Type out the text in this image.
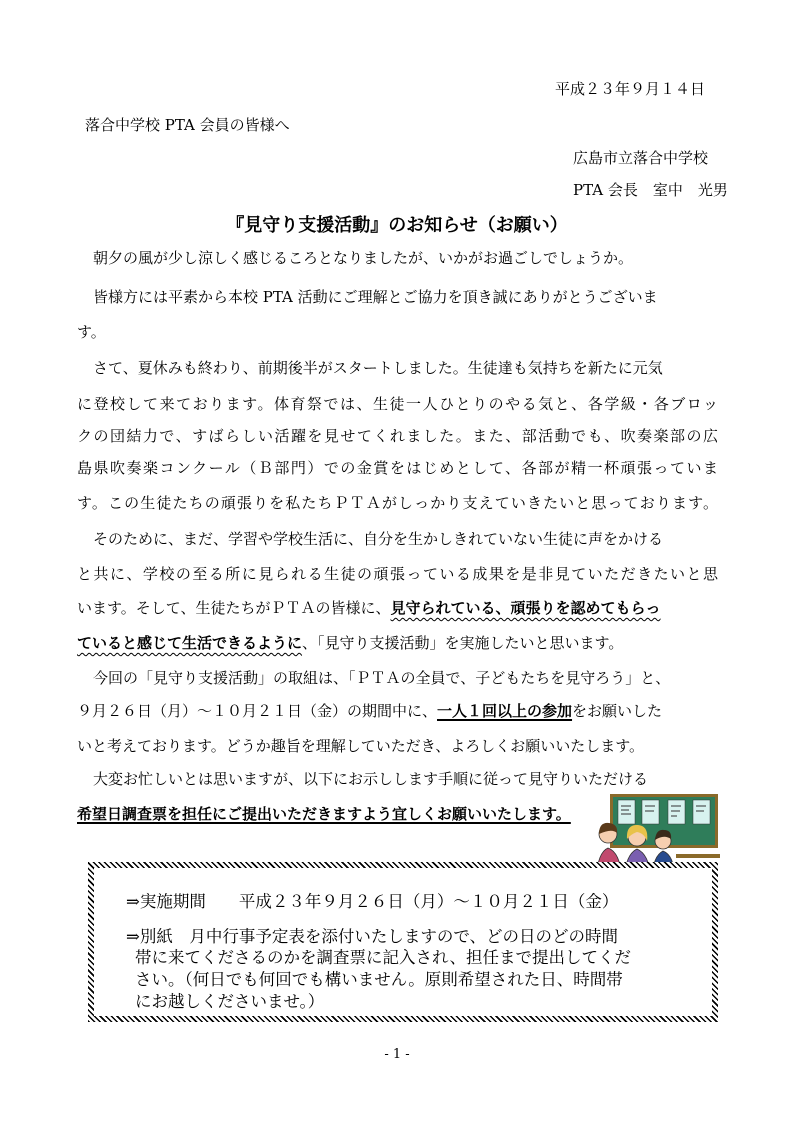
平成２３年９月１４日
落合中学校 PTA 会員の皆様へ
広島市立落合中学校
PTA 会長　室中　光男
『見守り支援活動』のお知らせ（お願い）
朝夕の風が少し涼しく感じるころとなりましたが、いかがお過ごしでしょうか。
皆様方には平素から本校 PTA 活動にご理解とご協力を頂き誠にありがとうございま
す。
さて、夏休みも終わり、前期後半がスタートしました。生徒達も気持ちを新たに元気
に登校して来ております。体育祭では、生徒一人ひとりのやる気と、各学級・各ブロッ
クの団結力で、すばらしい活躍を見せてくれました。また、部活動でも、吹奏楽部の広
島県吹奏楽コンクール（Ｂ部門）での金賞をはじめとして、各部が精一杯頑張っていま
す。この生徒たちの頑張りを私たちＰＴＡがしっかり支えていきたいと思っております。
そのために、まだ、学習や学校生活に、自分を生かしきれていない生徒に声をかける
と共に、学校の至る所に見られる生徒の頑張っている成果を是非見ていただきたいと思
います。そして、生徒たちがＰＴＡの皆様に、見守られている、頑張りを認めてもらっ
ていると感じて生活できるように、「見守り支援活動」を実施したいと思います。
今回の「見守り支援活動」の取組は、「ＰＴＡの全員で、子どもたちを見守ろう」と、
９月２６日（月）～１０月２１日（金）の期間中に、一人１回以上の参加をお願いした
いと考えております。どうか趣旨を理解していただき、よろしくお願いいたします。
大変お忙しいとは思いますが、以下にお示しします手順に従って見守りいただける
希望日調査票を担任にご提出いただきますよう宜しくお願いいたします。
⇒実施期間　　平成２３年９月２６日（月）～１０月２１日（金）
⇒別紙　月中行事予定表を添付いたしますので、どの日のどの時間
帯に来てくださるのかを調査票に記入され、担任まで提出してくだ
さい。（何日でも何回でも構いません。原則希望された日、時間帯
にお越しくださいませ。）
- 1 -
